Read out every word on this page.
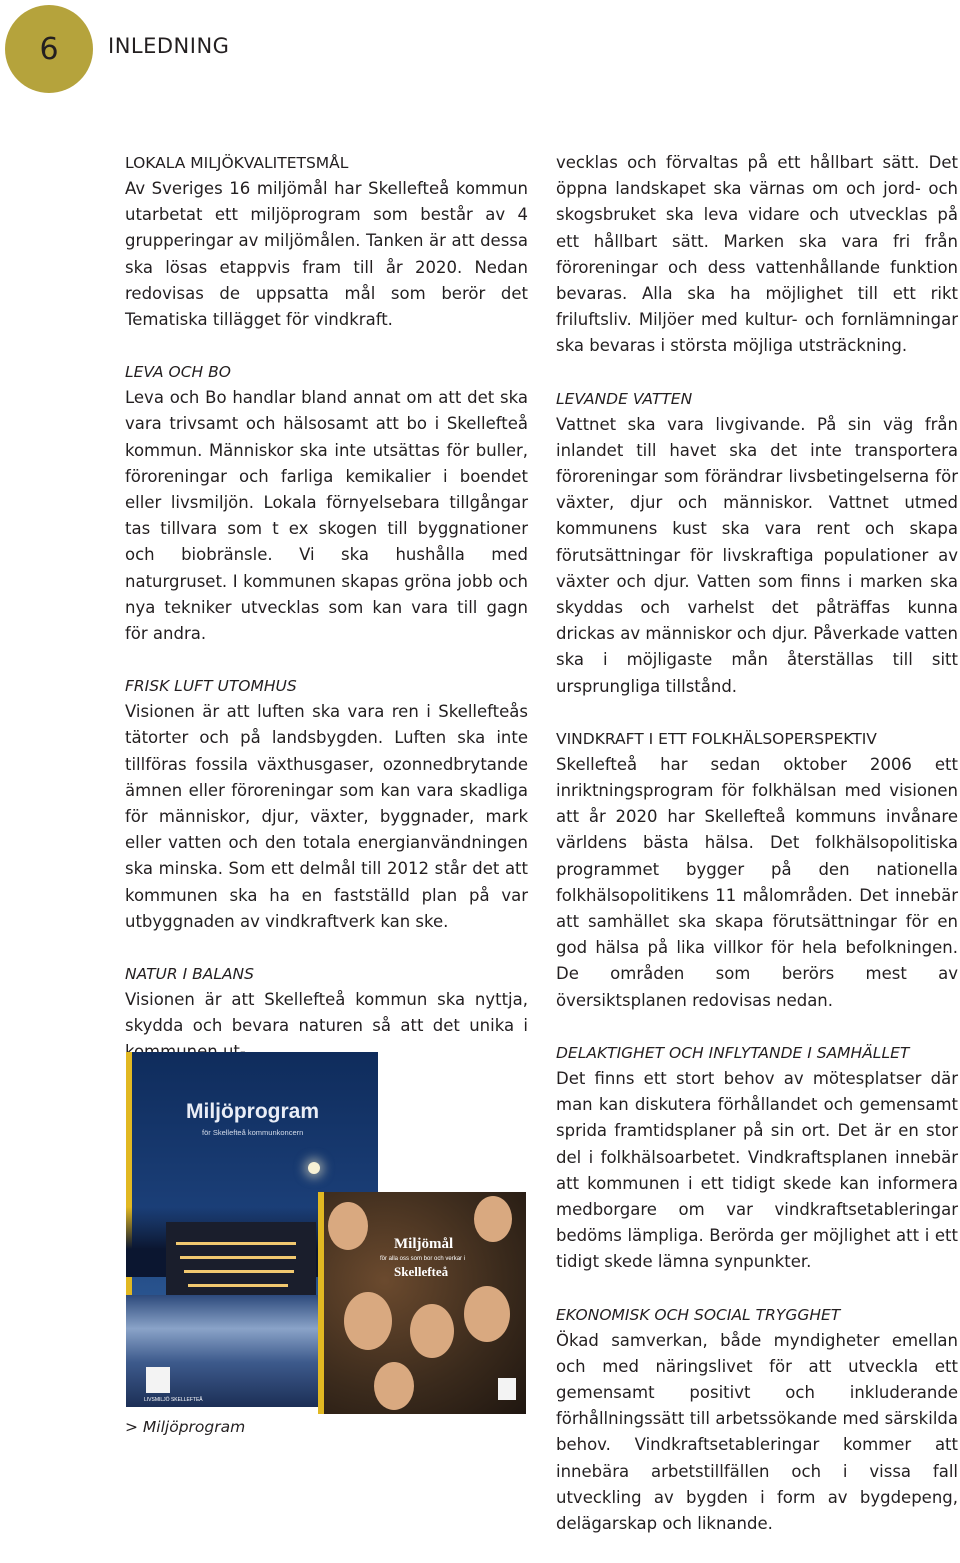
6 INLEDNING

LOKALA MILJÖKVALITETSMÅL

Av Sveriges 16 miljömål har Skellefteå kommun utarbetat ett miljöprogram som består av 4 grupperingar av miljömålen. Tanken är att dessa ska lösas etappvis fram till år 2020. Nedan redovisas de uppsatta mål som berör det Tematiska tillägget för vindkraft.

LEVA OCH BO

Leva och Bo handlar bland annat om att det ska vara trivsamt och hälsosamt att bo i Skellefteå kommun. Människor ska inte utsättas för buller, föroreningar och farliga kemikalier i boendet eller livsmiljön. Lokala förnyelsebara tillgångar tas tillvara som t ex skogen till byggnationer och biobränsle. Vi ska hushålla med naturgruset. I kommunen skapas gröna jobb och nya tekniker utvecklas som kan vara till gagn för andra.

FRISK LUFT UTOMHUS

Visionen är att luften ska vara ren i Skellefteås tätorter och på landsbygden. Luften ska inte tillföras fossila växthusgaser, ozonnedbrytande ämnen eller föroreningar som kan vara skadliga för människor, djur, växter, byggnader, mark eller vatten och den totala energianvändningen ska minska. Som ett delmål till 2012 står det att kommunen ska ha en fastställd plan på var utbyggnaden av vindkraftverk kan ske.

NATUR I BALANS

Visionen är att Skellefteå kommun ska nyttja, skydda och bevara naturen så att det unika i

vecklas och förvaltas på ett hållbart sätt. Det öppna landskapet ska värnas om och jord- och skogsbruket ska leva vidare och utvecklas på ett hållbart sätt. Marken ska vara fri från föroreningar och dess vattenhållande funktion bevaras. Alla ska ha möjlighet till ett rikt friluftsliv. Miljöer med kultur- och fornlämningar ska bevaras i största möjliga utsträckning.

LEVANDE VATTEN

Vattnet ska vara livgivande. På sin väg från inlandet till havet ska det inte transportera föroreningar som förändrar livsbetingelserna för växter, djur och människor. Vattnet utmed kommunens kust ska vara rent och skapa förutsättningar för livskraftiga populationer av växter och djur. Vatten som finns i marken ska skyddas och varhelst det påträffas kunna drickas av människor och djur. Påverkade vatten ska i möjligaste mån återställas till sitt ursprungliga tillstånd.

VINDKRAFT I ETT FOLKHÄLSOPERSPEKTIV

Skellefteå har sedan oktober 2006 ett inriktningsprogram för folkhälsan med visionen att år 2020 har Skellefteå kommuns invånare världens bästa hälsa. Det folkhälsopolitiska programmet bygger på den nationella folkhälsopolitikens 11 målområden. Det innebär att samhället ska skapa förutsättningar för en god hälsa på lika villkor för hela befolkningen. De områden som berörs mest av översiktsplanen redovisas nedan.

DELAKTIGHET OCH INFLYTANDE I SAMHÄLLET

Det finns ett stort behov av mötesplatser där man kan diskutera förhållandet och gemensamt sprida framtidsplaner på sin ort. Det är en stor del i folkhälsoarbetet. Vindkraftsplanen innebär att kommunen i ett tidigt skede kan informera medborgare om var vindkraftsetableringar bedöms lämpliga. Berörda ger möjlighet att i ett tidigt skede lämna synpunkter.

EKONOMISK OCH SOCIAL TRYGGHET

Ökad samverkan, både myndigheter emellan och med näringslivet för att utveckla ett gemensamt positivt och inkluderande förhållningssätt till arbetssökande med särskilda behov. Vindkraftsetableringar kommer att innebära arbetstillfällen och i vissa fall utveckling av bygden i form av bygdepeng, delägarskap och liknande.

Miljöprogram
för Skellefteå kommunkoncern
LIVSMILJÖ SKELLEFTEÅ
Miljömål
för alla oss som bor och verkar i
Skellefteå
> Miljöprogram
